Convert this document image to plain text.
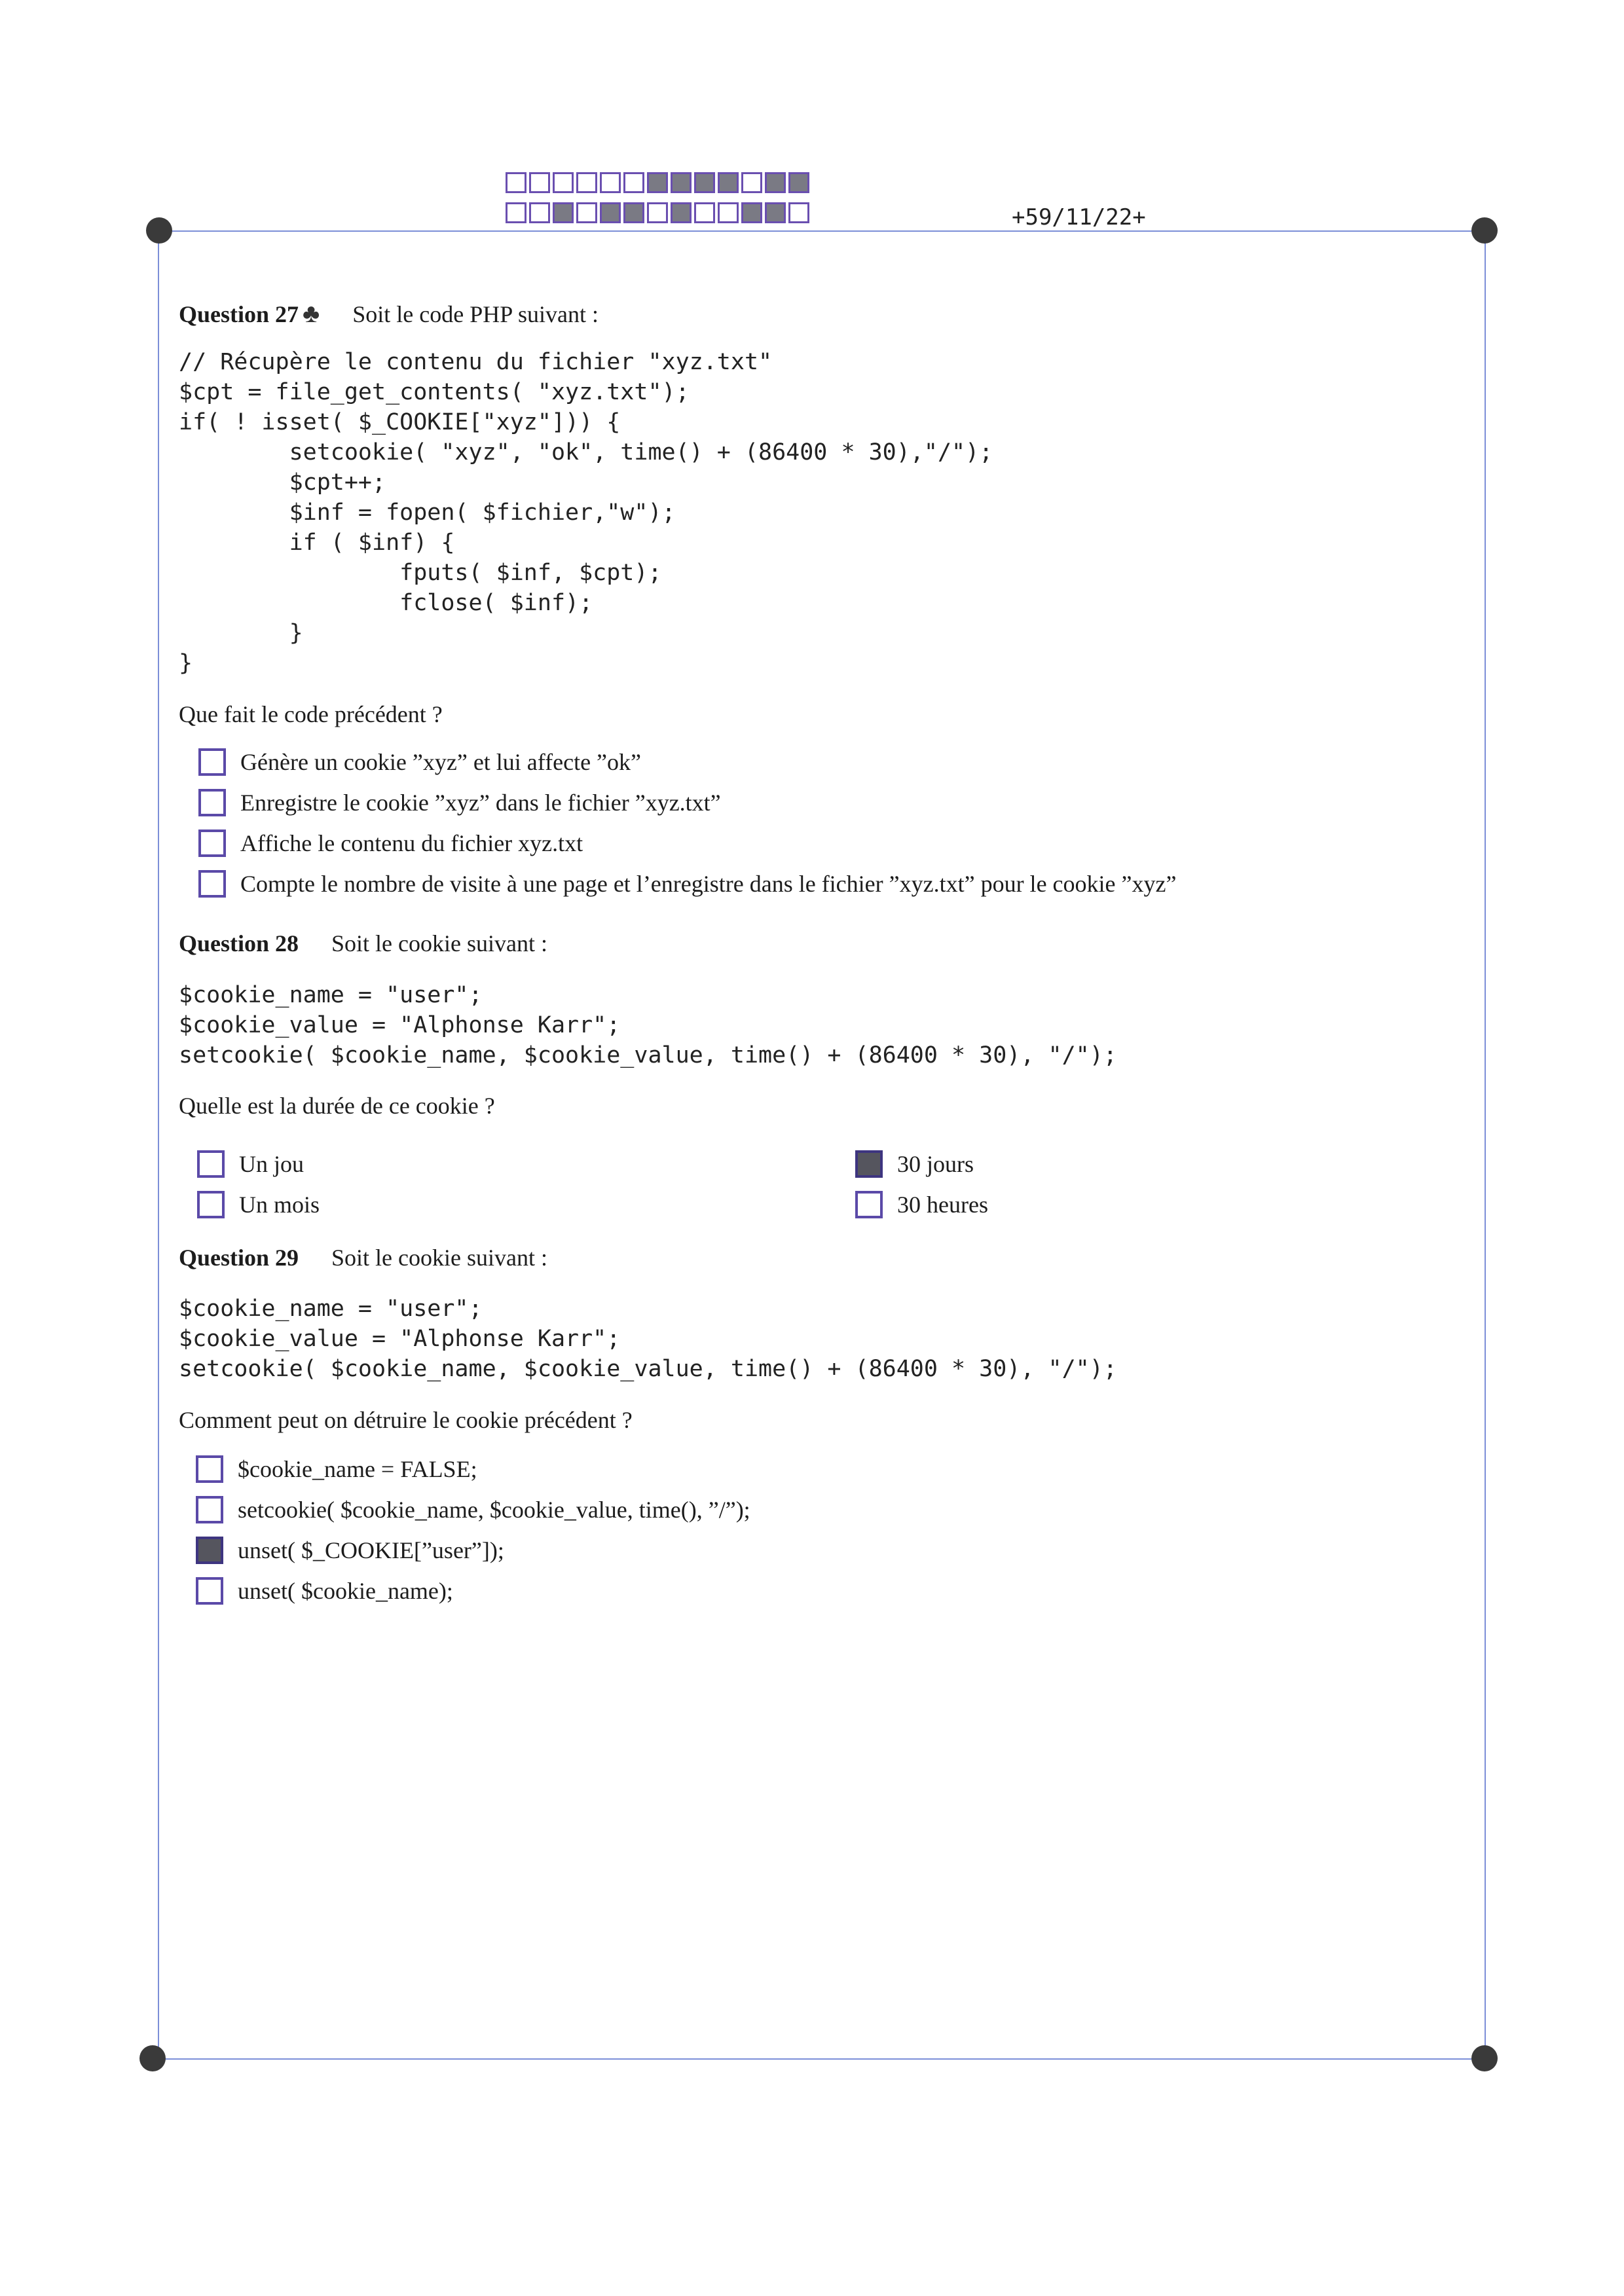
+59/11/22+
Question 27 ♣ Soit le code PHP suivant :
// Récupère le contenu du fichier "xyz.txt"
$cpt = file_get_contents( "xyz.txt");
if( ! isset( $_COOKIE["xyz"])) {
setcookie( "xyz", "ok", time() + (86400 * 30),"/");
$cpt++;
$inf = fopen( $fichier,"w");
if ( $inf) {
fputs( $inf, $cpt);
fclose( $inf);
}
}
Que fait le code précédent ?
Génère un cookie ”xyz” et lui affecte ”ok”
Enregistre le cookie ”xyz” dans le fichier ”xyz.txt”
Affiche le contenu du fichier xyz.txt
Compte le nombre de visite à une page et l’enregistre dans le fichier ”xyz.txt” pour le cookie ”xyz”
Question 28 Soit le cookie suivant :
$cookie_name = "user";
$cookie_value = "Alphonse Karr";
setcookie( $cookie_name, $cookie_value, time() + (86400 * 30), "/");
Quelle est la durée de ce cookie ?
Un jou	30 jours
Un mois	30 heures
Question 29 Soit le cookie suivant :
$cookie_name = "user";
$cookie_value = "Alphonse Karr";
setcookie( $cookie_name, $cookie_value, time() + (86400 * 30), "/");
Comment peut on détruire le cookie précédent ?
$cookie_name = FALSE;
setcookie( $cookie_name, $cookie_value, time(), ”/”);
unset( $_COOKIE[”user”]);
unset( $cookie_name);
